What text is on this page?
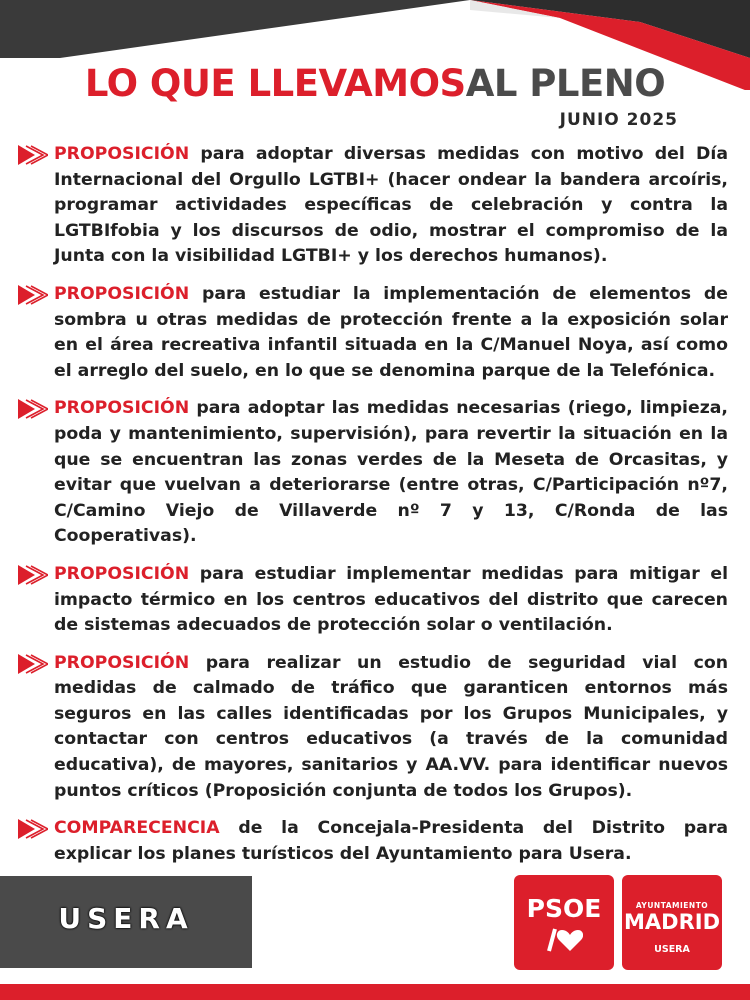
LO QUE LLEVAMOSAL PLENO
JUNIO 2025
PROPOSICIÓN para adoptar diversas medidas con motivo del Día Internacional del Orgullo LGTBI+ (hacer ondear la bandera arcoíris, programar actividades específicas de celebración y contra la LGTBIfobia y los discursos de odio, mostrar el compromiso de la Junta con la visibilidad LGTBI+ y los derechos humanos).
PROPOSICIÓN para estudiar la implementación de elementos de sombra u otras medidas de protección frente a la exposición solar en el área recreativa infantil situada en la C/Manuel Noya, así como el arreglo del suelo, en lo que se denomina parque de la Telefónica.
PROPOSICIÓN para adoptar las medidas necesarias (riego, limpieza, poda y mantenimiento, supervisión), para revertir la situación en la que se encuentran las zonas verdes de la Meseta de Orcasitas, y evitar que vuelvan a deteriorarse (entre otras, C/Participación nº7, C/Camino Viejo de Villaverde nº 7 y 13, C/Ronda de las Cooperativas).
PROPOSICIÓN para estudiar implementar medidas para mitigar el impacto térmico en los centros educativos del distrito que carecen de sistemas adecuados de protección solar o ventilación.
PROPOSICIÓN para realizar un estudio de seguridad vial con medidas de calmado de tráfico que garanticen entornos más seguros en las calles identificadas por los Grupos Municipales, y contactar con centros educativos (a través de la comunidad educativa), de mayores, sanitarios y AA.VV. para identificar nuevos puntos críticos (Proposición conjunta de todos los Grupos).
COMPARECENCIA de la Concejala-Presidenta del Distrito para explicar los planes turísticos del Ayuntamiento para Usera.
USERA	PSOE	AYUNTAMIENTO
MADRID
USERA
